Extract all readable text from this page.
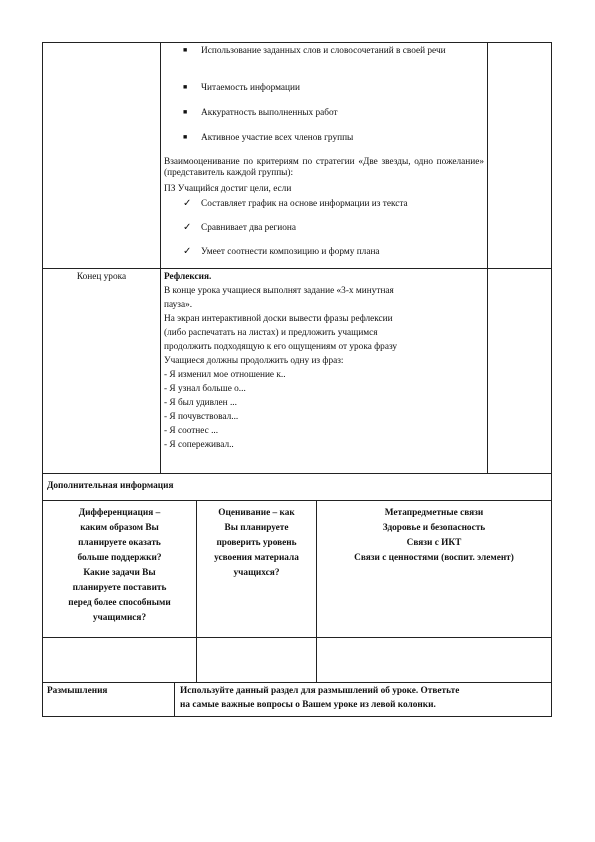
■ Использование заданных слов и словосочетаний в своей речи
■ Читаемость информации
■ Аккуратность выполненных работ
■ Активное участие всех членов группы
Взаимооценивание по критериям по стратегии «Две звезды, одно пожелание» (представитель каждой группы):
ПЗ Учащийся достиг цели, если
✓ Составляет график на основе информации из текста
✓ Сравнивает два региона
✓ Умеет соотнести композицию и форму плана
Конец урока	Рефлексия.
В конце урока учащиеся выполнят задание «3-х минутная
пауза».
На экран интерактивной доски вывести фразы рефлексии
(либо распечатать на листах) и предложить учащимся
продолжить подходящую к его ощущениям от урока фразу
Учащиеся должны продолжить одну из фраз:
- Я изменил мое отношение к..
- Я узнал больше о...
- Я был удивлен ...
- Я почувствовал...
- Я соотнес ...
- Я сопереживал..
Дополнительная информация
Дифференциация –
каким образом Вы
планируете оказать
больше поддержки?
Какие задачи Вы
планируете поставить
перед более способными
учащимися?
Оценивание – как
Вы планируете
проверить уровень
усвоения материала
учащихся?
Метапредметные связи
Здоровье и безопасность
Связи с ИКТ
Связи с ценностями (воспит. элемент)
Размышления	Используйте данный раздел для размышлений об уроке. Ответьте
на самые важные вопросы о Вашем уроке из левой колонки.
